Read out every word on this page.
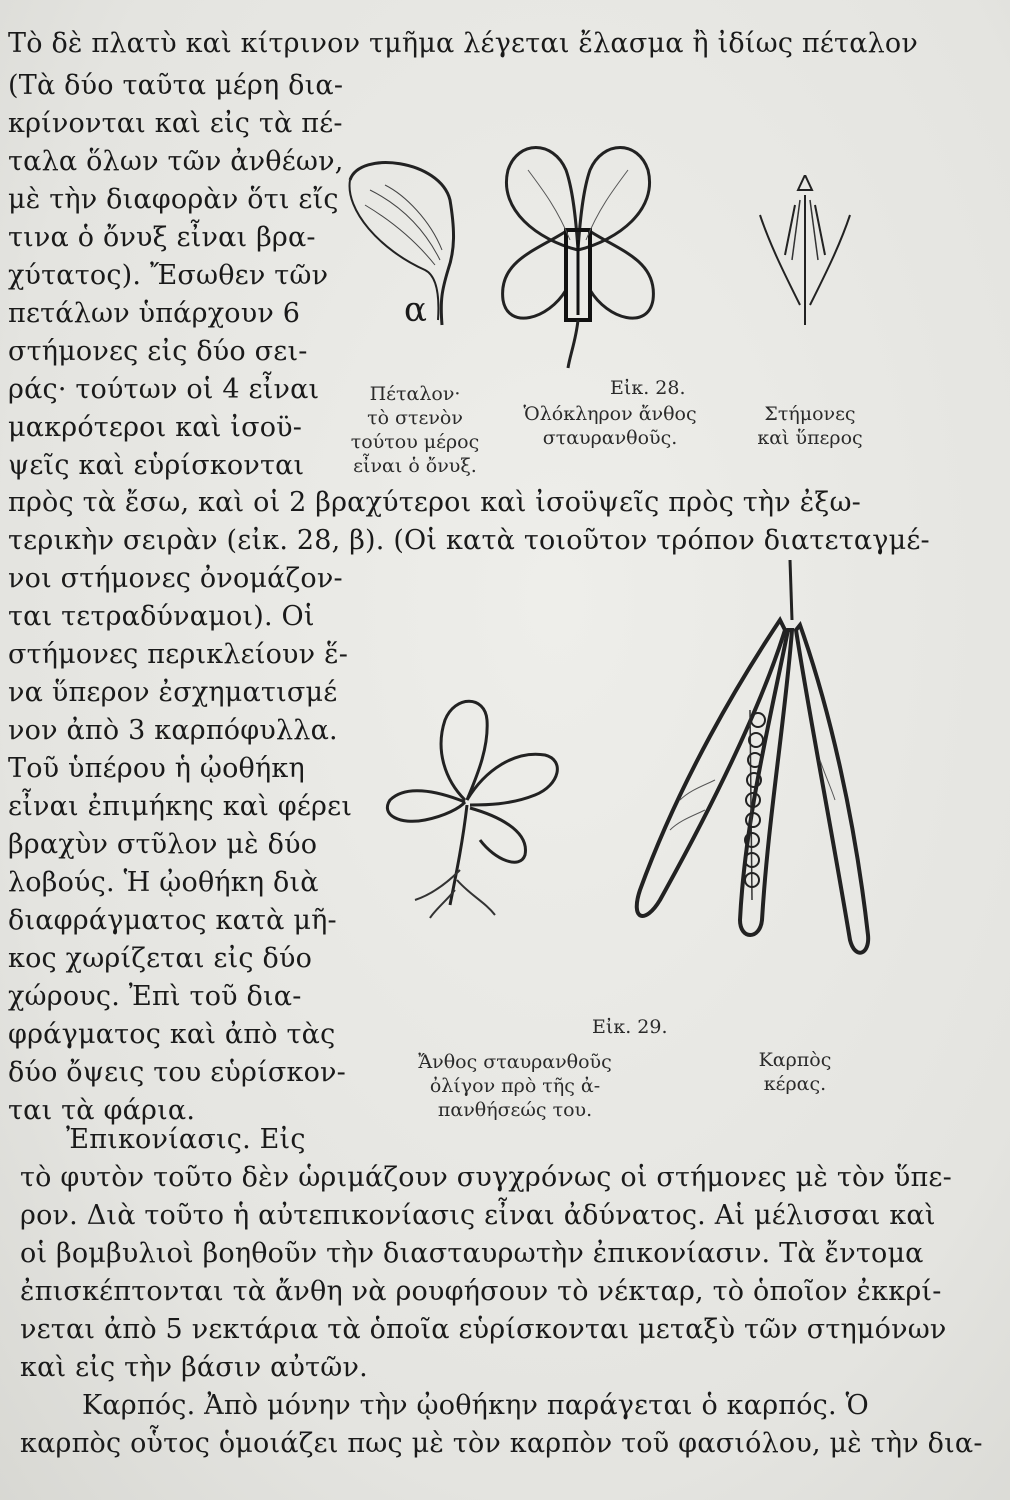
Τὸ δὲ πλατὺ καὶ κίτρινον τμῆμα λέγεται ἔλασμα ἢ ἰδίως πέταλον
(Τὰ δύο ταῦτα μέρη δια-
κρίνονται καὶ εἰς τὰ πέ-
ταλα ὅλων τῶν ἀνθέων,
μὲ τὴν διαφορὰν ὅτι εἴς
τινα ὁ ὄνυξ εἶναι βρα-
χύτατος). Ἔσωθεν τῶν
πετάλων ὑπάρχουν 6
στήμονες εἰς δύο σει-
ράς· τούτων οἱ 4 εἶναι
μακρότεροι καὶ ἰσοϋ-
ψεῖς καὶ εὑρίσκονται
α
Εἰκ. 28.
Πέταλον·
τὸ στενὸν
τούτου μέρος
εἶναι ὁ ὄνυξ.
Ὁλόκληρον ἄνθος
σταυρανθοῦς.
Στήμονες
καὶ ὕπερος
πρὸς τὰ ἔσω, καὶ οἱ 2 βραχύτεροι καὶ ἰσοϋψεῖς πρὸς τὴν ἐξω-
τερικὴν σειρὰν (εἰκ. 28, β). (Οἱ κατὰ τοιοῦτον τρόπον διατεταγμέ-
νοι στήμονες ὀνομάζον-
ται τετραδύναμοι). Οἱ
στήμονες περικλείουν ἕ-
να ὕπερον ἐσχηματισμέ
νον ἀπὸ 3 καρπόφυλλα.
Τοῦ ὑπέρου ἡ ᾠοθήκη
εἶναι ἐπιμήκης καὶ φέρει
βραχὺν στῦλον μὲ δύο
λοβούς. Ἡ ᾠοθήκη διὰ
διαφράγματος κατὰ μῆ-
κος χωρίζεται εἰς δύο
χώρους. Ἐπὶ τοῦ δια-
φράγματος καὶ ἀπὸ τὰς
δύο ὄψεις του εὑρίσκον-
ται τὰ φάρια.
Εἰκ. 29.
Ἄνθος σταυρανθοῦς
ὀλίγον πρὸ τῆς ἀ-
πανθήσεώς του.
Καρπὸς
κέρας.
Ἐπικονίασις. Εἰς
τὸ φυτὸν τοῦτο δὲν ὡριμάζουν συγχρόνως οἱ στήμονες μὲ τὸν ὕπε-
ρον. Διὰ τοῦτο ἡ αὐτεπικονίασις εἶναι ἀδύνατος. Αἱ μέλισσαι καὶ
οἱ βομβυλιοὶ βοηθοῦν τὴν διασταυρωτὴν ἐπικονίασιν. Τὰ ἔντομα
ἐπισκέπτονται τὰ ἄνθη νὰ ρουφήσουν τὸ νέκταρ, τὸ ὁποῖον ἐκκρί-
νεται ἀπὸ 5 νεκτάρια τὰ ὁποῖα εὑρίσκονται μεταξὺ τῶν στημόνων
καὶ εἰς τὴν βάσιν αὐτῶν.
Καρπός. Ἀπὸ μόνην τὴν ᾠοθήκην παράγεται ὁ καρπός. Ὁ
καρπὸς οὗτος ὁμοιάζει πως μὲ τὸν καρπὸν τοῦ φασιόλου, μὲ τὴν δια-
